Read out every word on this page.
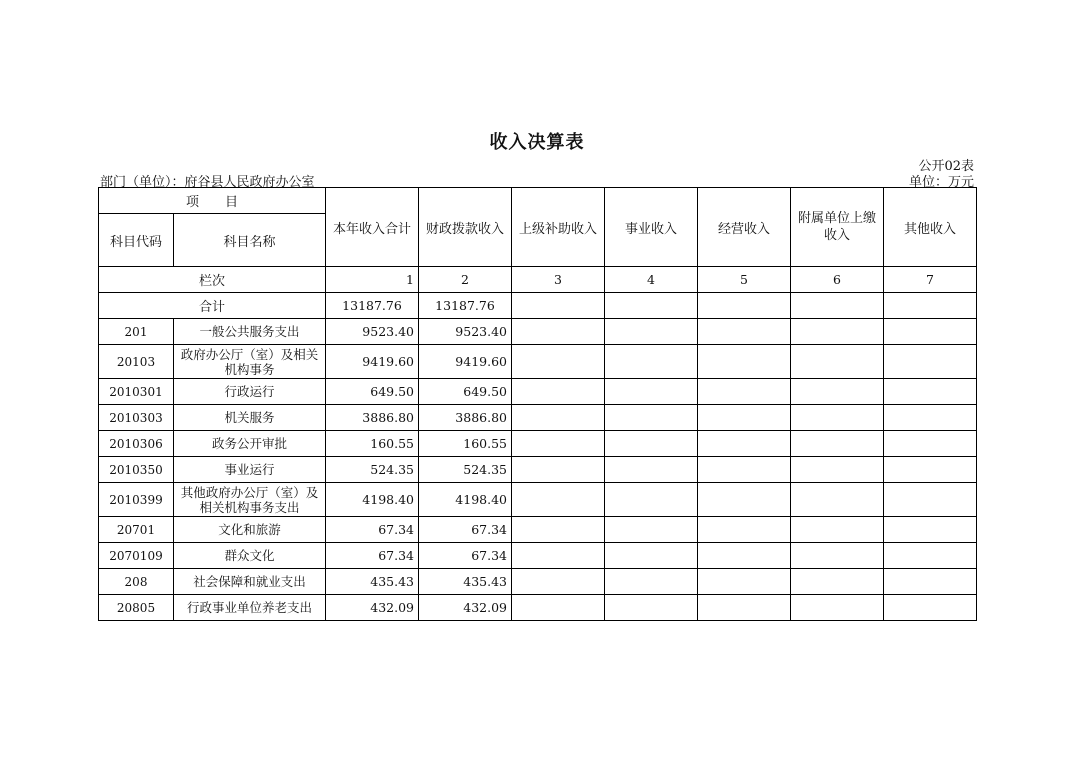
收入决算表
公开02表
部门（单位）：府谷县人民政府办公室	单位：万元
项　　目		本年收入合计	财政拨款收入	上级补助收入	事业收入	经营收入	附属单位上缴收入	其他收入
科目代码	科目名称							
栏次		1	2	3	4	5	6	7
合计		13187.76	13187.76					
201	一般公共服务支出	9523.40	9523.40					
20103	政府办公厅（室）及相关机构事务	9419.60	9419.60					
2010301	行政运行	649.50	649.50					
2010303	机关服务	3886.80	3886.80					
2010306	政务公开审批	160.55	160.55					
2010350	事业运行	524.35	524.35					
2010399	其他政府办公厅（室）及相关机构事务支出	4198.40	4198.40					
20701	文化和旅游	67.34	67.34					
2070109	群众文化	67.34	67.34					
208	社会保障和就业支出	435.43	435.43					
20805	行政事业单位养老支出	432.09	432.09					
